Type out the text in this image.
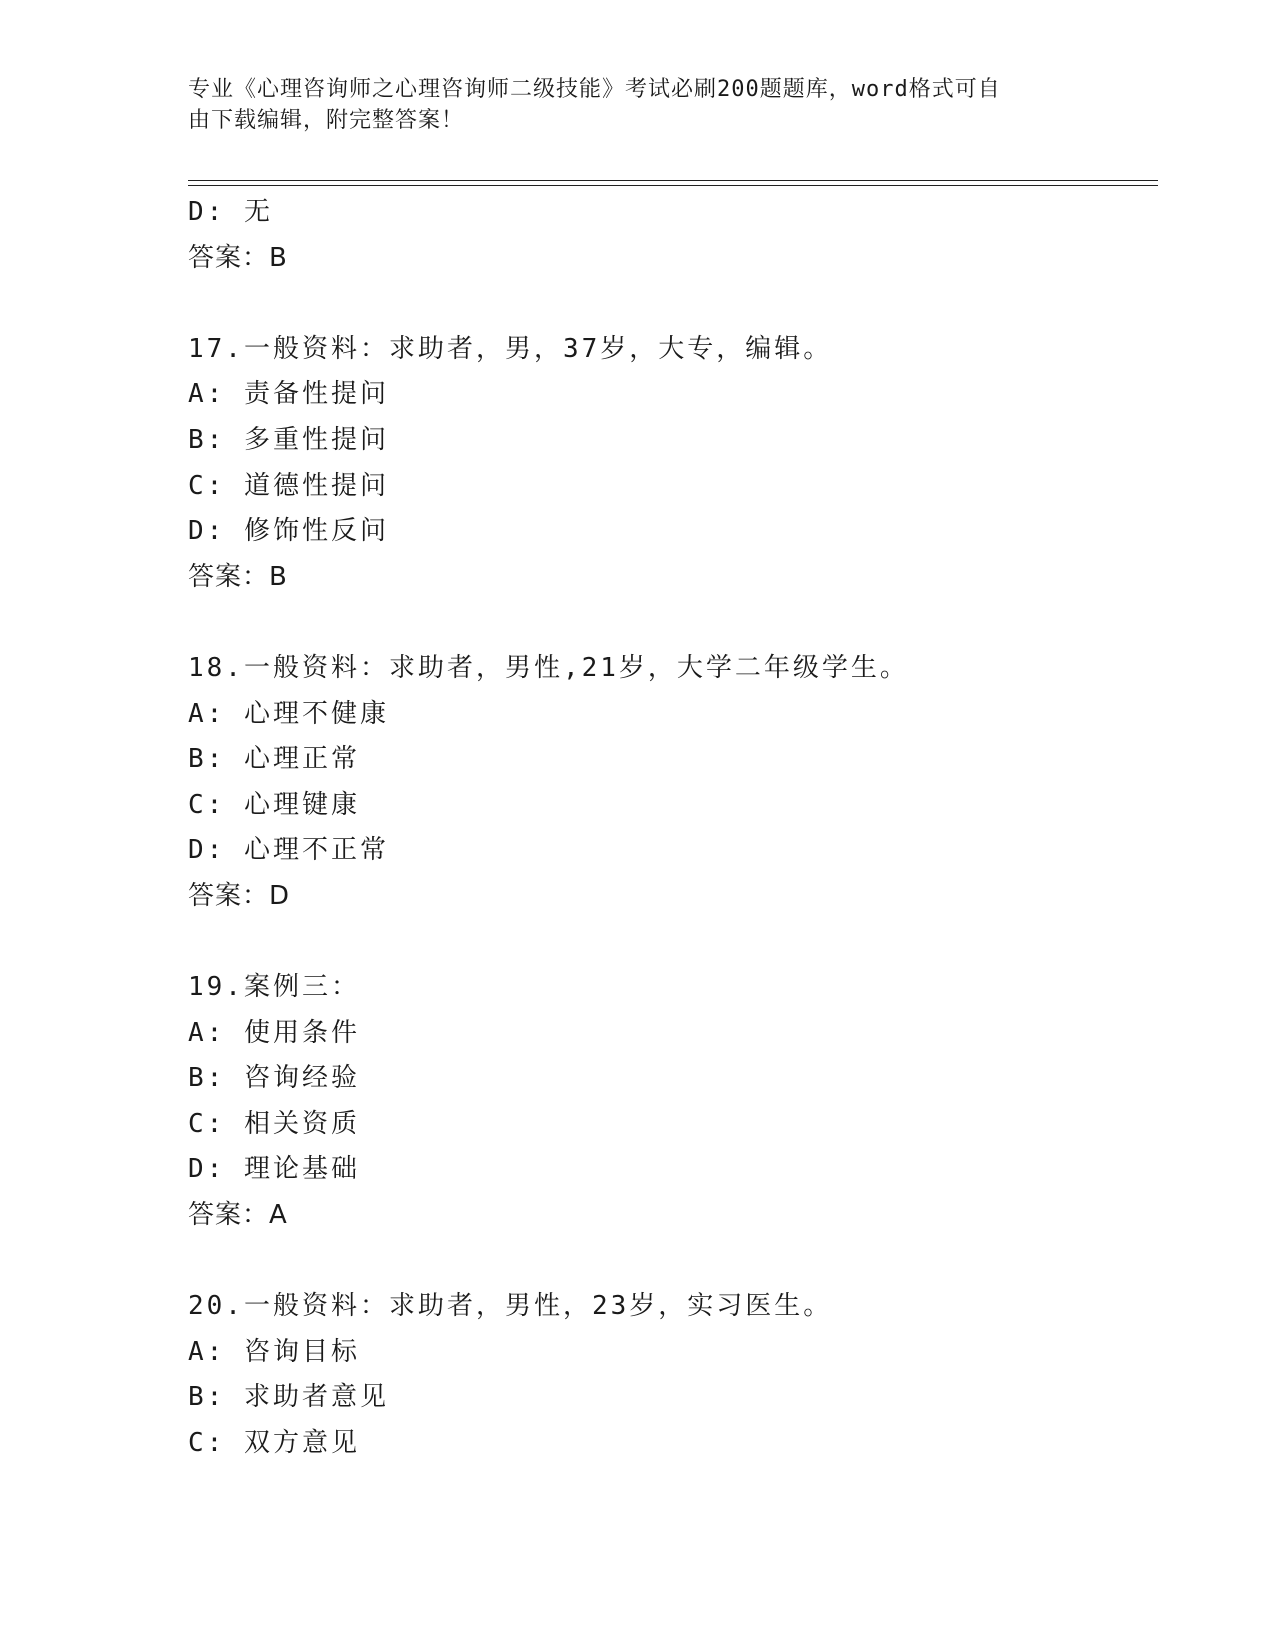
专业《心理咨询师之心理咨询师二级技能》考试必刷200题题库，word格式可自
由下载编辑，附完整答案！
D: 无
答案：B
17.一般资料：求助者，男，37岁，大专，编辑。
A: 责备性提问
B: 多重性提问
C: 道德性提问
D: 修饰性反问
答案：B
18.一般资料：求助者，男性,21岁，大学二年级学生。
A: 心理不健康
B: 心理正常
C: 心理键康
D: 心理不正常
答案：D
19.案例三：
A: 使用条件
B: 咨询经验
C: 相关资质
D: 理论基础
答案：A
20.一般资料：求助者，男性，23岁，实习医生。
A: 咨询目标
B: 求助者意见
C: 双方意见
